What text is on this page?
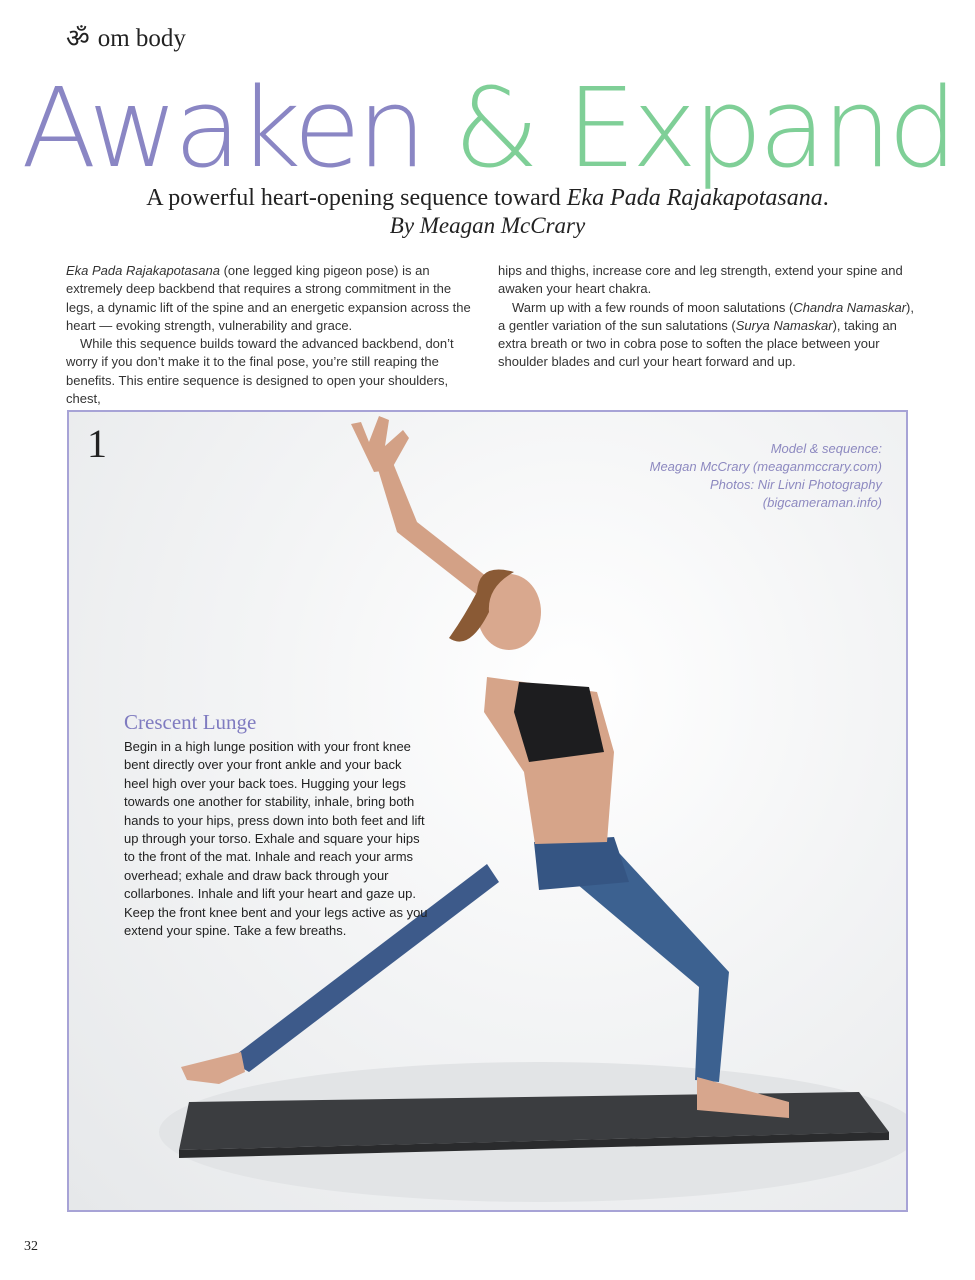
ॐ om body
Awaken & Expand
A powerful heart-opening sequence toward Eka Pada Rajakapotasana.
By Meagan McCrary

Eka Pada Rajakapotasana (one legged king pigeon pose) is an extremely deep backbend that requires a strong commitment in the legs, a dynamic lift of the spine and an energetic expansion across the heart — evoking strength, vulnerability and grace.

While this sequence builds toward the advanced backbend, don’t worry if you don’t make it to the final pose, you’re still reaping the benefits. This entire sequence is designed to open your shoulders, chest,

hips and thighs, increase core and leg strength, extend your spine and awaken your heart chakra.

Warm up with a few rounds of moon salutations (Chandra Namaskar), a gentler variation of the sun salutations (Surya Namaskar), taking an extra breath or two in cobra pose to soften the place between your shoulder blades and curl your heart forward and up.

1	Model & sequence:
Meagan McCrary (meaganmccrary.com)
Photos: Nir Livni Photography
(bigcameraman.info)
Crescent Lunge

Begin in a high lunge position with your front knee bent directly over your front ankle and your back heel high over your back toes. Hugging your legs towards one another for stability, inhale, bring both hands to your hips, press down into both feet and lift up through your torso. Exhale and square your hips to the front of the mat. Inhale and reach your arms overhead; exhale and draw back through your collarbones. Inhale and lift your heart and gaze up. Keep the front knee bent and your legs active as you extend your spine. Take a few breaths.

32
